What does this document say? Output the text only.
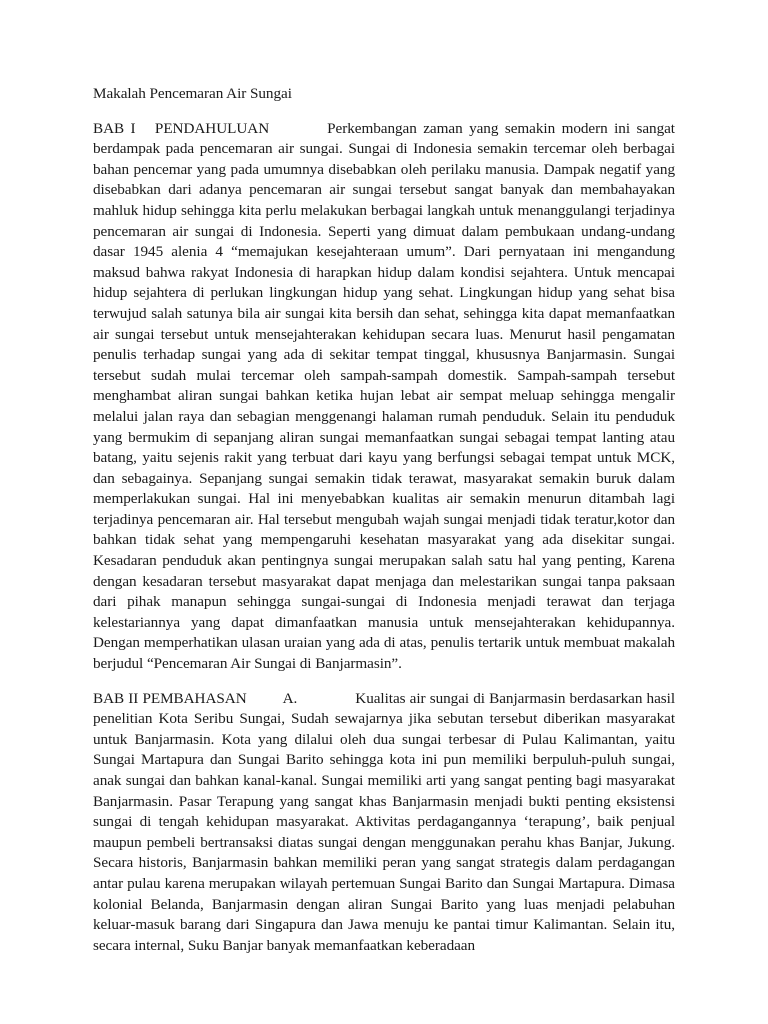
Makalah Pencemaran Air Sungai

BAB I   PENDAHULUAN	Perkembangan zaman yang semakin modern ini sangat berdampak pada pencemaran air sungai. Sungai di Indonesia semakin tercemar oleh berbagai bahan pencemar yang pada umumnya disebabkan oleh perilaku manusia. Dampak negatif yang disebabkan dari adanya pencemaran air sungai tersebut sangat banyak dan membahayakan mahluk hidup sehingga kita perlu melakukan berbagai langkah untuk menanggulangi terjadinya pencemaran air sungai di Indonesia. Seperti yang dimuat dalam pembukaan undang-undang dasar 1945 alenia 4 “memajukan kesejahteraan umum”. Dari pernyataan ini mengandung maksud bahwa rakyat Indonesia di harapkan hidup dalam kondisi sejahtera. Untuk mencapai hidup sejahtera di perlukan lingkungan hidup yang sehat. Lingkungan hidup yang sehat bisa terwujud salah satunya bila air sungai kita bersih dan sehat, sehingga kita dapat memanfaatkan air sungai tersebut untuk mensejahterakan kehidupan secara luas. Menurut hasil pengamatan penulis terhadap sungai yang ada di sekitar tempat tinggal, khususnya Banjarmasin. Sungai tersebut sudah mulai tercemar oleh sampah-sampah domestik. Sampah-sampah tersebut menghambat aliran sungai bahkan ketika hujan lebat air sempat meluap sehingga mengalir melalui jalan raya dan sebagian menggenangi halaman rumah penduduk. Selain itu penduduk yang bermukim di sepanjang aliran sungai memanfaatkan sungai sebagai tempat lanting atau batang, yaitu sejenis rakit yang terbuat dari kayu yang berfungsi sebagai tempat untuk MCK, dan sebagainya. Sepanjang sungai semakin tidak terawat, masyarakat semakin buruk dalam memperlakukan sungai. Hal ini menyebabkan kualitas air semakin menurun ditambah lagi terjadinya pencemaran air. Hal tersebut mengubah wajah sungai menjadi tidak teratur,kotor dan bahkan tidak sehat yang mempengaruhi kesehatan masyarakat yang ada disekitar sungai. Kesadaran penduduk akan pentingnya sungai merupakan salah satu hal yang penting, Karena dengan kesadaran tersebut masyarakat dapat menjaga dan melestarikan sungai tanpa paksaan dari pihak manapun sehingga sungai-sungai di Indonesia menjadi terawat dan terjaga kelestariannya yang dapat dimanfaatkan manusia untuk mensejahterakan kehidupannya. Dengan memperhatikan ulasan uraian yang ada di atas, penulis tertarik untuk membuat makalah berjudul “Pencemaran Air Sungai di Banjarmasin”.

BAB II PEMBAHASAN A.	Kualitas air sungai di Banjarmasin berdasarkan hasil penelitian Kota Seribu Sungai, Sudah sewajarnya jika sebutan tersebut diberikan masyarakat untuk Banjarmasin. Kota yang dilalui oleh dua sungai terbesar di Pulau Kalimantan, yaitu Sungai Martapura dan Sungai Barito sehingga kota ini pun memiliki berpuluh-puluh sungai, anak sungai dan bahkan kanal-kanal. Sungai memiliki arti yang sangat penting bagi masyarakat Banjarmasin. Pasar Terapung yang sangat khas Banjarmasin menjadi bukti penting eksistensi sungai di tengah kehidupan masyarakat. Aktivitas perdagangannya ‘terapung’, baik penjual maupun pembeli bertransaksi diatas sungai dengan menggunakan perahu khas Banjar, Jukung. Secara historis, Banjarmasin bahkan memiliki peran yang sangat strategis dalam perdagangan antar pulau karena merupakan wilayah pertemuan Sungai Barito dan Sungai Martapura. Dimasa kolonial Belanda, Banjarmasin dengan aliran Sungai Barito yang luas menjadi pelabuhan keluar-masuk barang dari Singapura dan Jawa menuju ke pantai timur Kalimantan. Selain itu, secara internal, Suku Banjar banyak memanfaatkan keberadaan
